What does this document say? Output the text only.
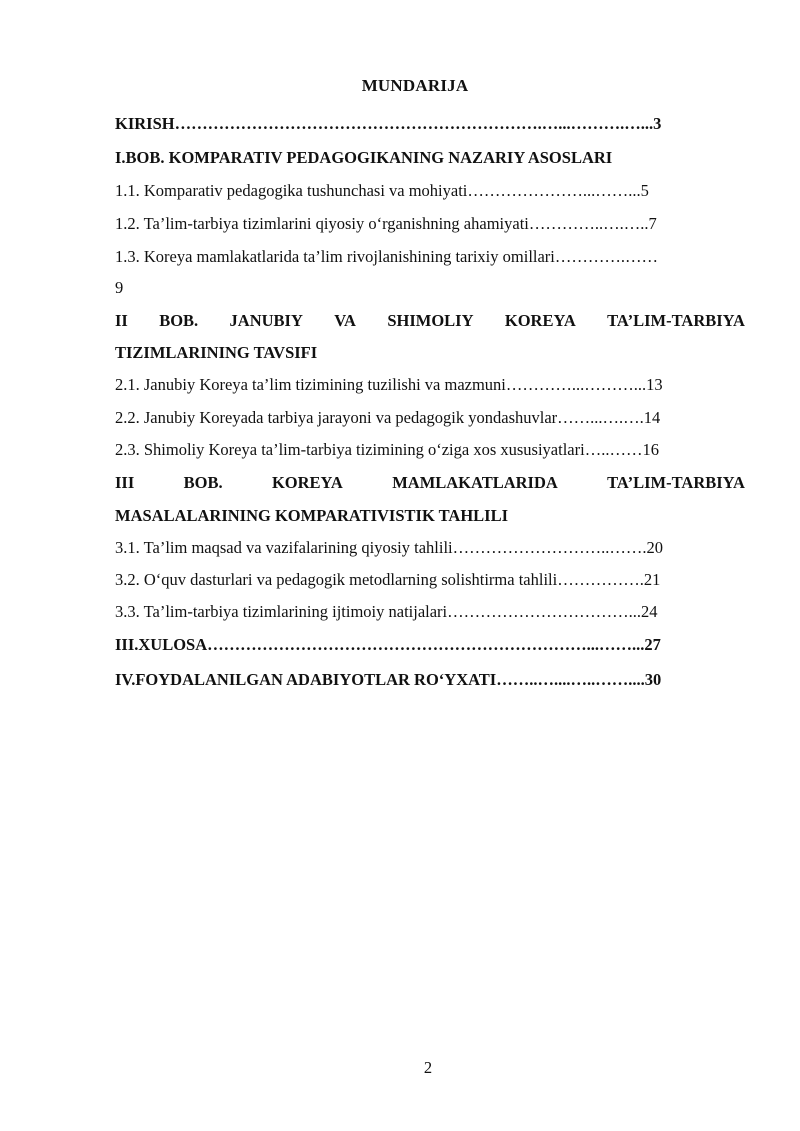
MUNDARIJA
KIRISH………………………………………………………….…...……….…...3
I.BOB. KOMPARATIV PEDAGOGIKANING NAZARIY ASOSLARI
1.1. Komparativ pedagogika tushunchasi va mohiyati…………………...……...5
1.2. Ta’lim-tarbiya tizimlarini qiyosiy o‘rganishning ahamiyati…………..….…..7
1.3. Koreya mamlakatlarida ta’lim rivojlanishining tarixiy omillari………….……
9
II BOB. JANUBIY VA SHIMOLIY KOREYA TA’LIM-TARBIYA
TIZIMLARINING TAVSIFI
2.1. Janubiy Koreya ta’lim tizimining tuzilishi va mazmuni…………...………...13
2.2. Janubiy Koreyada tarbiya jarayoni va pedagogik yondashuvlar……...….….14
2.3. Shimoliy Koreya ta’lim-tarbiya tizimining o‘ziga xos xususiyatlari…..……16
III	BOB.	KOREYA	MAMLAKATLARIDA	TA’LIM-TARBIYA
MASALALARINING KOMPARATIVISTIK TAHLILI
3.1. Ta’lim maqsad va vazifalarining qiyosiy tahlili………………………..…….20
3.2. O‘quv dasturlari va pedagogik metodlarning solishtirma tahlili…………….21
3.3. Ta’lim-tarbiya tizimlarining ijtimoiy natijalari……………………………...24
III.XULOSA……………………………………………………………...……...27
IV.FOYDALANILGAN ADABIYOTLAR RO‘YXATI……..…....…..……....30
2
